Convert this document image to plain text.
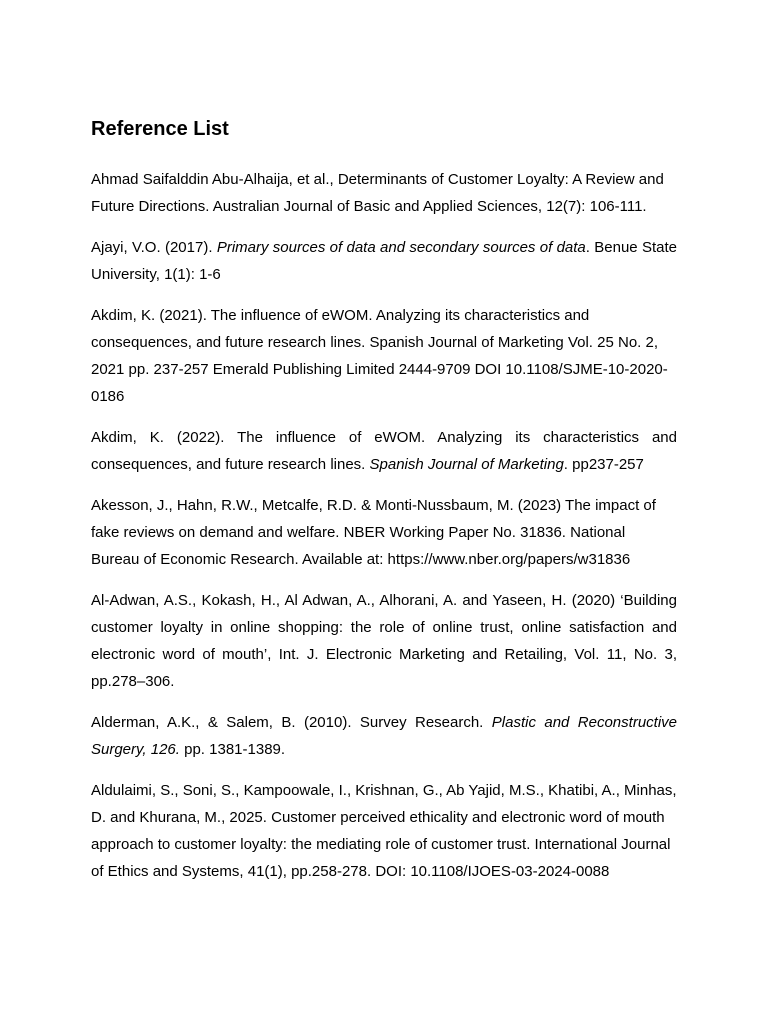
Reference List

Ahmad Saifalddin Abu-Alhaija, et al., Determinants of Customer Loyalty: A Review and Future Directions. Australian Journal of Basic and Applied Sciences, 12(7): 106-111.

Ajayi, V.O. (2017). Primary sources of data and secondary sources of data. Benue State University, 1(1): 1-6

Akdim, K. (2021). The influence of eWOM. Analyzing its characteristics and consequences, and future research lines. Spanish Journal of Marketing Vol. 25 No. 2, 2021 pp. 237-257 Emerald Publishing Limited 2444-9709 DOI 10.1108/SJME-10-2020-0186

Akdim, K. (2022). The influence of eWOM. Analyzing its characteristics and consequences, and future research lines. Spanish Journal of Marketing. pp237-257

Akesson, J., Hahn, R.W., Metcalfe, R.D. & Monti-Nussbaum, M. (2023) The impact of fake reviews on demand and welfare. NBER Working Paper No. 31836. National Bureau of Economic Research. Available at: https://www.nber.org/papers/w31836

Al-Adwan, A.S., Kokash, H., Al Adwan, A., Alhorani, A. and Yaseen, H. (2020) ‘Building customer loyalty in online shopping: the role of online trust, online satisfaction and electronic word of mouth’, Int. J. Electronic Marketing and Retailing, Vol. 11, No. 3, pp.278–306.

Alderman, A.K., & Salem, B. (2010). Survey Research. Plastic and Reconstructive Surgery, 126. pp. 1381-1389.

Aldulaimi, S., Soni, S., Kampoowale, I., Krishnan, G., Ab Yajid, M.S., Khatibi, A., Minhas, D. and Khurana, M., 2025. Customer perceived ethicality and electronic word of mouth approach to customer loyalty: the mediating role of customer trust. International Journal of Ethics and Systems, 41(1), pp.258-278. DOI: 10.1108/IJOES-03-2024-0088
